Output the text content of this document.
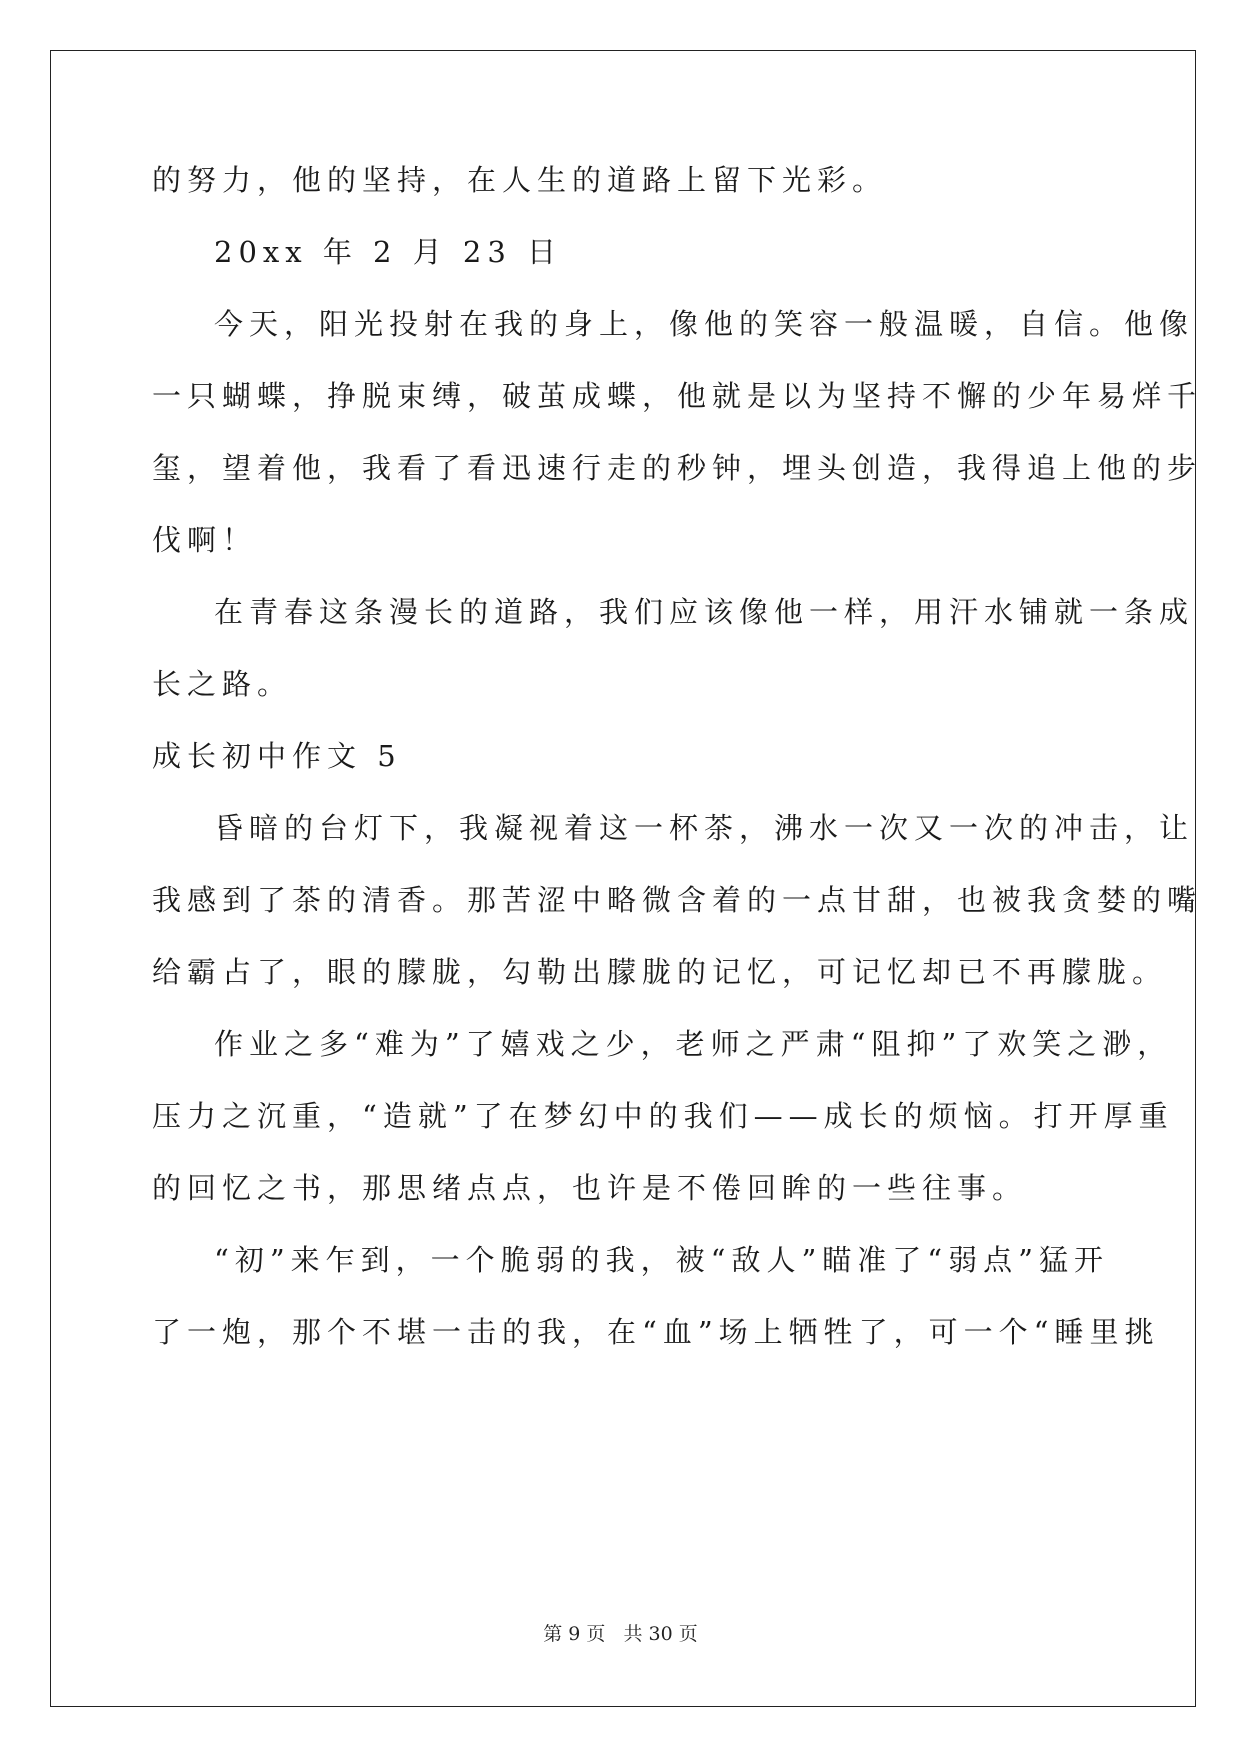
的努力，他的坚持，在人生的道路上留下光彩。
20xx 年 2 月 23 日
今天，阳光投射在我的身上，像他的笑容一般温暖，自信。他像
一只蝴蝶，挣脱束缚，破茧成蝶，他就是以为坚持不懈的少年易烊千
玺，望着他，我看了看迅速行走的秒钟，埋头创造，我得追上他的步
伐啊！
在青春这条漫长的道路，我们应该像他一样，用汗水铺就一条成
长之路。
成长初中作文 5
昏暗的台灯下，我凝视着这一杯茶，沸水一次又一次的冲击，让
我感到了茶的清香。那苦涩中略微含着的一点甘甜，也被我贪婪的嘴
给霸占了，眼的朦胧，勾勒出朦胧的记忆，可记忆却已不再朦胧。
作业之多“难为”了嬉戏之少，老师之严肃“阻抑”了欢笑之渺，
压力之沉重，“造就”了在梦幻中的我们——成长的烦恼。打开厚重
的回忆之书，那思绪点点，也许是不倦回眸的一些往事。
“初”来乍到，一个脆弱的我，被“敌人”瞄准了“弱点”猛开
了一炮，那个不堪一击的我，在“血”场上牺牲了，可一个“睡里挑
第 9 页 共 30 页
